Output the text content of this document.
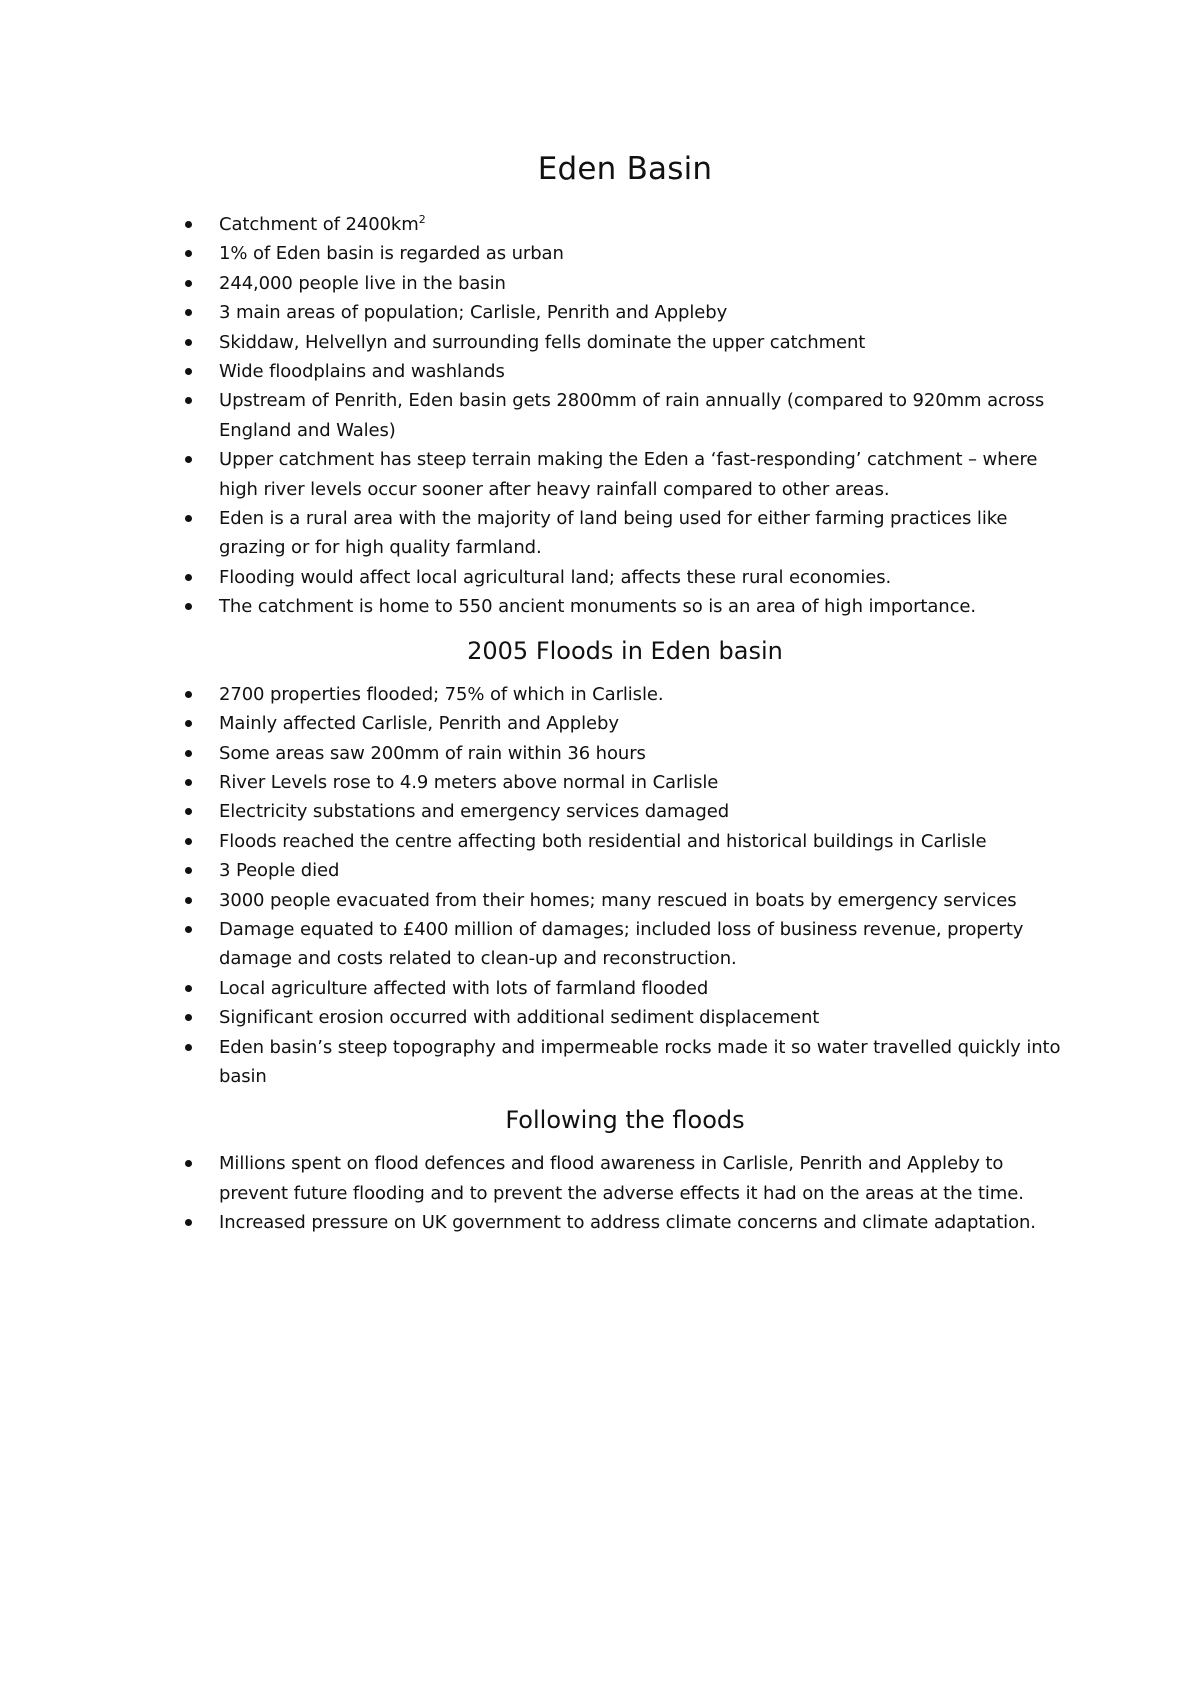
Eden Basin
Catchment of $2400km^2$
1% of Eden basin is regarded as urban
244,000 people live in the basin
3 main areas of population; Carlisle, Penrith and Appleby
Skiddaw, Helvellyn and surrounding fells dominate the upper catchment
Wide floodplains and washlands
Upstream of Penrith, Eden basin gets 2800mm of rain annually (compared to 920mm across England and Wales)
Upper catchment has steep terrain making the Eden a ‘fast-responding’ catchment – where high river levels occur sooner after heavy rainfall compared to other areas.
Eden is a rural area with the majority of land being used for either farming practices like grazing or for high quality farmland.
Flooding would affect local agricultural land; affects these rural economies.
The catchment is home to 550 ancient monuments so is an area of high importance.
2005 Floods in Eden basin
2700 properties flooded; 75% of which in Carlisle.
Mainly affected Carlisle, Penrith and Appleby
Some areas saw 200mm of rain within 36 hours
River Levels rose to 4.9 meters above normal in Carlisle
Electricity substations and emergency services damaged
Floods reached the centre affecting both residential and historical buildings in Carlisle
3 People died
3000 people evacuated from their homes; many rescued in boats by emergency services
Damage equated to £400 million of damages; included loss of business revenue, property damage and costs related to clean-up and reconstruction.
Local agriculture affected with lots of farmland flooded
Significant erosion occurred with additional sediment displacement
Eden basin’s steep topography and impermeable rocks made it so water travelled quickly into basin
Following the floods
Millions spent on flood defences and flood awareness in Carlisle, Penrith and Appleby to prevent future flooding and to prevent the adverse effects it had on the areas at the time.
Increased pressure on UK government to address climate concerns and climate adaptation.
